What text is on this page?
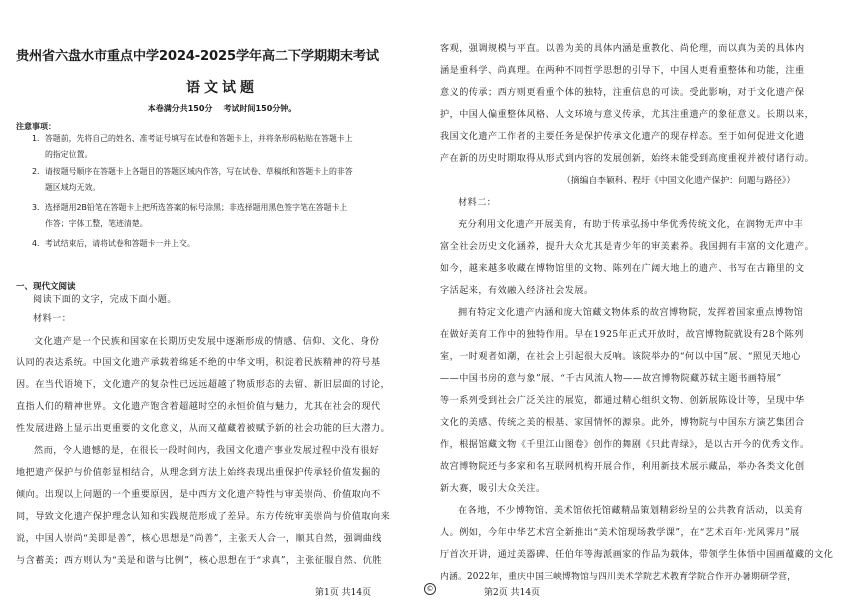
贵州省六盘水市重点中学2024-2025学年高二下学期期末考试
语文试题
本卷满分共150分    考试时间150分钟。
注意事项：
1．答题前，先将自己的姓名、准考证号填写在试卷和答题卡上，并将条形码粘贴在答题卡上
的指定位置。
2．请按题号顺序在答题卡上各题目的答题区域内作答，写在试卷、草稿纸和答题卡上的非答
题区域均无效。
3．选择题用2B铅笔在答题卡上把所选答案的标号涂黑；非选择题用黑色签字笔在答题卡上
作答；字体工整，笔迹清楚。
4．考试结束后，请将试卷和答题卡一并上交。
一、现代文阅读
阅读下面的文字，完成下面小题。
材料一：
文化遗产是一个民族和国家在长期历史发展中逐渐形成的情感、信仰、文化、身份
认同的表达系统。中国文化遗产承载着绵延不绝的中华文明，积淀着民族精神的符号基
因。在当代语境下，文化遗产的复杂性已远远超越了物质形态的去留、新旧层面的讨论，
直指人们的精神世界。文化遗产饱含着超越时空的永恒价值与魅力，尤其在社会的现代
性发展进路上显示出更重要的文化意义，从而又蕴藏着被赋予新的社会功能的巨大潜力。
然而，令人遗憾的是，在很长一段时间内，我国文化遗产事业发展过程中没有很好
地把遗产保护与价值彰显相结合，从理念到方法上始终表现出重保护传承轻价值发掘的
倾向。出现以上问题的一个重要原因，是中西方文化遗产特性与审美崇尚、价值取向不
同，导致文化遗产保护理念认知和实践规范形成了差异。东方传统审美崇尚与价值取向来
说，中国人崇尚“美即是善”，核心思想是“尚善”，主张天人合一，顺其自然，强调曲线
与含蓄美；西方则认为“美是和谐与比例”，核心思想在于“求真”，主张征服自然、伉胜
第1页 共14页	©
客观，强调规模与平直。以善为美的具体内涵是重教化、尚伦理，而以真为美的具体内
涵是重科学、尚真理。在两种不同哲学思想的引导下，中国人更看重整体和功能，注重
意义的传承；西方则更看重个体的独特，注重信息的可读。受此影响，对于文化遗产保
护，中国人偏重整体风格、人文环境与意义传承，尤其注重遗产的象征意义。长期以来，
我国文化遗产工作者的主要任务是保护传承文化遗产的现存样态。至于如何促进文化遗
产在新的历史时期取得从形式到内容的发展创新，始终未能受到高度重视并被付诸行动。
（摘编自李颖科、程圩《中国文化遗产保护：问题与路径》）
材料二：
充分利用文化遗产开展美育，有助于传承弘扬中华优秀传统文化，在润物无声中丰
富全社会历史文化涵养，提升大众尤其是青少年的审美素养。我国拥有丰富的文化遗产。
如今，越来越多收藏在博物馆里的文物、陈列在广阔大地上的遗产、书写在古籍里的文
字活起来，有效融入经济社会发展。
拥有特定文化遗产内涵和庞大馆藏文物体系的故宫博物院，发挥着国家重点博物馆
在做好美育工作中的独特作用。早在1925年正式开放时，故宫博物院就设有28个陈列
室，一时观者如潮，在社会上引起很大反响。该院举办的“何以中国”展、“照见天地心
——中国书房的意与象”展、“千古风流人物——故宫博物院藏苏轼主题书画特展”
等一系列受到社会广泛关注的展览，都通过精心组织文物、创新展陈设计等，呈现中华
文化的美感、传统之美的根基、家国情怀的源泉。此外，博物院与中国东方演艺集团合
作，根据馆藏文物《千里江山图卷》创作的舞剧《只此青绿》，是以古开今的优秀文作。
故宫博物院还与多家和名互联网机构开展合作，利用新技术展示藏品，举办各类文化创
新大赛，吸引大众关注。
在各地，不少博物馆、美术馆依托馆藏精品策划精彩纷呈的公共教育活动，以美育
人。例如，今年中华艺术宫全新推出“美术馆现场教学课”，在“艺术百年·光风霁月”展
厅首次开讲，通过美器碑、任伯年等海派画家的作品为载体，带领学生体悟中国画蕴藏的文化
内涵。2022年，重庆中国三峡博物馆与四川美术学院艺术教育学院合作开办暑期研学营，
第2页 共14页
